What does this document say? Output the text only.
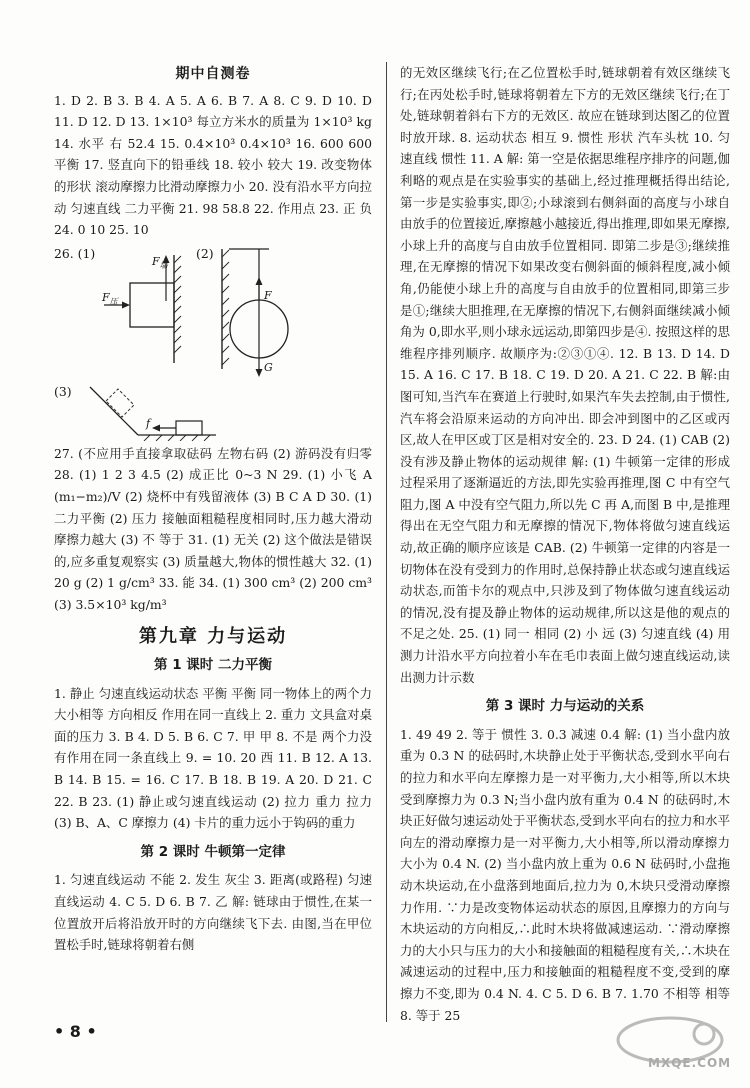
期中自测卷

1. D 2. B 3. B 4. A 5. A 6. B 7. A 8. C 9. D 10. D 11. D 12. D 13. 1×10³ 每立方米水的质量为 1×10³ kg 14. 水平 右 52.4 15. 0.4×10³ 0.4×10³ 16. 600 600 平衡 17. 竖直向下的铅垂线 18. 较小 较大 19. 改变物体的形状 滚动摩擦力比滑动摩擦力小 20. 没有沿水平方向拉动 匀速直线 二力平衡 21. 98 58.8 22. 作用点 23. 正 负 24. 0 10 25. 10

26. (1)	(2)
$F_墙$
$F_压$	F
G
(3)
f

27. (不应用手直接拿取砝码 左物右码 (2) 游码没有归零 28. (1) 1 2 3 4.5 (2) 成正比 0~3 N 29. (1) 小飞 A (m₁−m₂)/V (2) 烧杯中有残留液体 (3) B C A D 30. (1) 二力平衡 (2) 压力 接触面粗糙程度相同时,压力越大滑动摩擦力越大 (3) 不 等于 31. (1) 无关 (2) 这个做法是错误的,应多重复观察实 (3) 质量越大,物体的惯性越大 32. (1) 20 g (2) 1 g/cm³ 33. 能 34. (1) 300 cm³ (2) 200 cm³ (3) 3.5×10³ kg/m³

第九章 力与运动
第 1 课时 二力平衡

1. 静止 匀速直线运动状态 平衡 平衡 同一物体上的两个力 大小相等 方向相反 作用在同一直线上 2. 重力 文具盒对桌面的压力 3. B 4. D 5. B 6. C 7. 甲 甲 8. 不是 两个力没有作用在同一条直线上 9. = 10. 20 西 11. B 12. A 13. B 14. B 15. = 16. C 17. B 18. B 19. A 20. D 21. C 22. B 23. (1) 静止或匀速直线运动 (2) 拉力 重力 拉力 (3) B、A、C 摩擦力 (4) 卡片的重力远小于钩码的重力

第 2 课时 牛顿第一定律

1. 匀速直线运动 不能 2. 发生 灰尘 3. 距离(或路程) 匀速直线运动 4. C 5. D 6. B 7. 乙 解: 链球由于惯性,在某一位置放开后将沿放开时的方向继续飞下去. 由图,当在甲位置松手时,链球将朝着右侧

的无效区继续飞行;在乙位置松手时,链球朝着有效区继续飞行;在丙处松手时,链球将朝着左下方的无效区继续飞行;在丁处,链球朝着斜右下方的无效区. 故应在链球到达图乙的位置时放开球. 8. 运动状态 相互 9. 惯性 形状 汽车头枕 10. 匀速直线 惯性 11. A 解: 第一空是依据思维程序排序的问题,伽利略的观点是在实验事实的基础上,经过推理概括得出结论,第一步是实验事实,即②;小球滚到右侧斜面的高度与小球自由放手的位置接近,摩擦越小越接近,得出推理,即如果无摩擦,小球上升的高度与自由放手位置相同. 即第二步是③;继续推理,在无摩擦的情况下如果改变右侧斜面的倾斜程度,减小倾角,仍能使小球上升的高度与自由放手的位置相同,即第三步是①;继续大胆推理,在无摩擦的情况下,右侧斜面继续减小倾角为 0,即水平,则小球永远运动,即第四步是④. 按照这样的思维程序排列顺序. 故顺序为:②③①④. 12. B 13. D 14. D 15. A 16. C 17. B 18. C 19. D 20. A 21. C 22. B 解:由图可知,当汽车在赛道上行驶时,如果汽车失去控制,由于惯性,汽车将会沿原来运动的方向冲出. 即会冲到图中的乙区或丙区,故人在甲区或丁区是相对安全的. 23. D 24. (1) CAB (2) 没有涉及静止物体的运动规律 解: (1) 牛顿第一定律的形成过程采用了逐渐逼近的方法,即先实验再推理,图 C 中有空气阻力,图 A 中没有空气阻力,所以先 C 再 A,而图 B 中,是推理得出在无空气阻力和无摩擦的情况下,物体将做匀速直线运动,故正确的顺序应该是 CAB. (2) 牛顿第一定律的内容是一切物体在没有受到力的作用时,总保持静止状态或匀速直线运动状态,而笛卡尔的观点中,只涉及到了物体做匀速直线运动的情况,没有提及静止物体的运动规律,所以这是他的观点的不足之处. 25. (1) 同一 相同 (2) 小 远 (3) 匀速直线 (4) 用测力计沿水平方向拉着小车在毛巾表面上做匀速直线运动,读出测力计示数

第 3 课时 力与运动的关系

1. 49 49 2. 等于 惯性 3. 0.3 减速 0.4 解: (1) 当小盘内放重为 0.3 N 的砝码时,木块静止处于平衡状态,受到水平向右的拉力和水平向左摩擦力是一对平衡力,大小相等,所以木块受到摩擦力为 0.3 N;当小盘内放有重为 0.4 N 的砝码时,木块正好做匀速运动处于平衡状态,受到水平向右的拉力和水平向左的滑动摩擦力是一对平衡力,大小相等,所以滑动摩擦力大小为 0.4 N. (2) 当小盘内放上重为 0.6 N 砝码时,小盘拖动木块运动,在小盘落到地面后,拉力为 0,木块只受滑动摩擦力作用. ∵力是改变物体运动状态的原因,且摩擦力的方向与木块运动的方向相反,∴此时木块将做减速运动. ∵滑动摩擦力的大小只与压力的大小和接触面的粗糙程度有关,∴木块在减速运动的过程中,压力和接触面的粗糙程度不变,受到的摩擦力不变,即为 0.4 N. 4. C 5. D 6. B 7. 1.70 不相等 相等 8. 等于 25

• 8 •
MXQE.COM
